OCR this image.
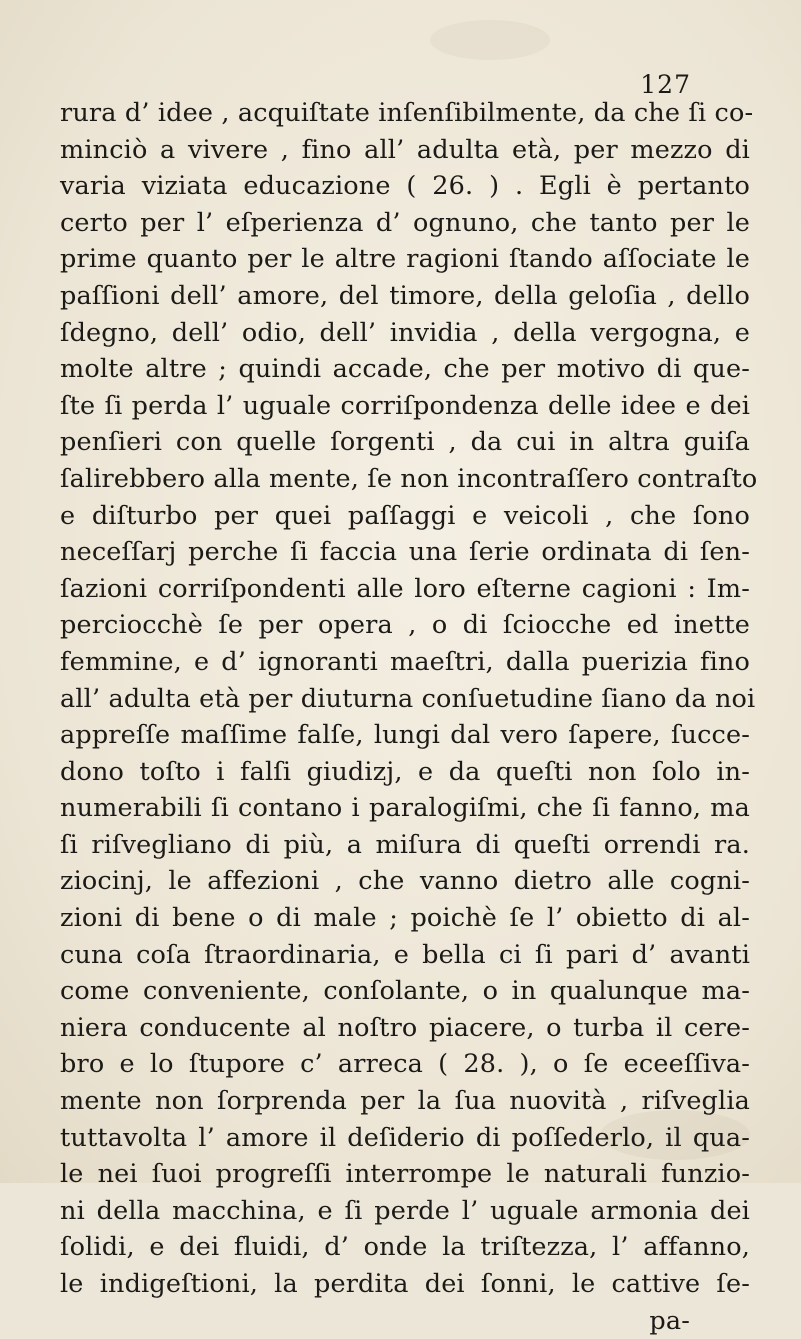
127
rura d’ idee , acquiſtate inſenſibilmente, da che ſi co-
minciò a vivere , fino all’ adulta età, per mezzo di
varia viziata educazione ( 26. ) . Egli è pertanto
certo per l’ eſperienza d’ ognuno, che tanto per le
prime quanto per le altre ragioni ſtando aſſociate le
paſſioni dell’ amore, del timore, della geloſia , dello
ſdegno, dell’ odio, dell’ invidia , della vergogna, e
molte altre ; quindi accade, che per motivo di que-
ſte ſi perda l’ uguale corriſpondenza delle idee e dei
penſieri con quelle ſorgenti , da cui in altra guiſa
ſalirebbero alla mente, ſe non incontraſſero contraſto
e diſturbo per quei paſſaggi e veicoli , che ſono
neceſſarj perche ſi faccia una ſerie ordinata di ſen-
ſazioni corriſpondenti alle loro eſterne cagioni : Im-
perciocchè ſe per opera , o di ſciocche ed inette
femmine, e d’ ignoranti maeſtri, dalla puerizia fino
all’ adulta età per diuturna conſuetudine ſiano da noi
appreſſe maſſime falſe, lungi dal vero ſapere, ſucce-
dono toſto i falſi giudizj, e da queſti non ſolo in-
numerabili ſi contano i paralogiſmi, che ſi fanno, ma
ſi riſvegliano di più, a miſura di queſti orrendi ra.
ziocinj, le affezioni , che vanno dietro alle cogni-
zioni di bene o di male ; poichè ſe l’ obietto di al-
cuna coſa ſtraordinaria, e bella ci ſi pari d’ avanti
come conveniente, conſolante, o in qualunque ma-
niera conducente al noſtro piacere, o turba il cere-
bro e lo ſtupore c’ arreca ( 28. ), o ſe eceeſſiva-
mente non ſorprenda per la ſua nuovità , riſveglia
tuttavolta l’ amore il deſiderio di poſſederlo, il qua-
le nei ſuoi progreſſi interrompe le naturali funzio-
ni della macchina, e ſi perde l’ uguale armonia dei
ſolidi, e dei fluidi, d’ onde la triſtezza, l’ affanno,
le indigeſtioni, la perdita dei ſonni, le cattive ſe-
pa-
